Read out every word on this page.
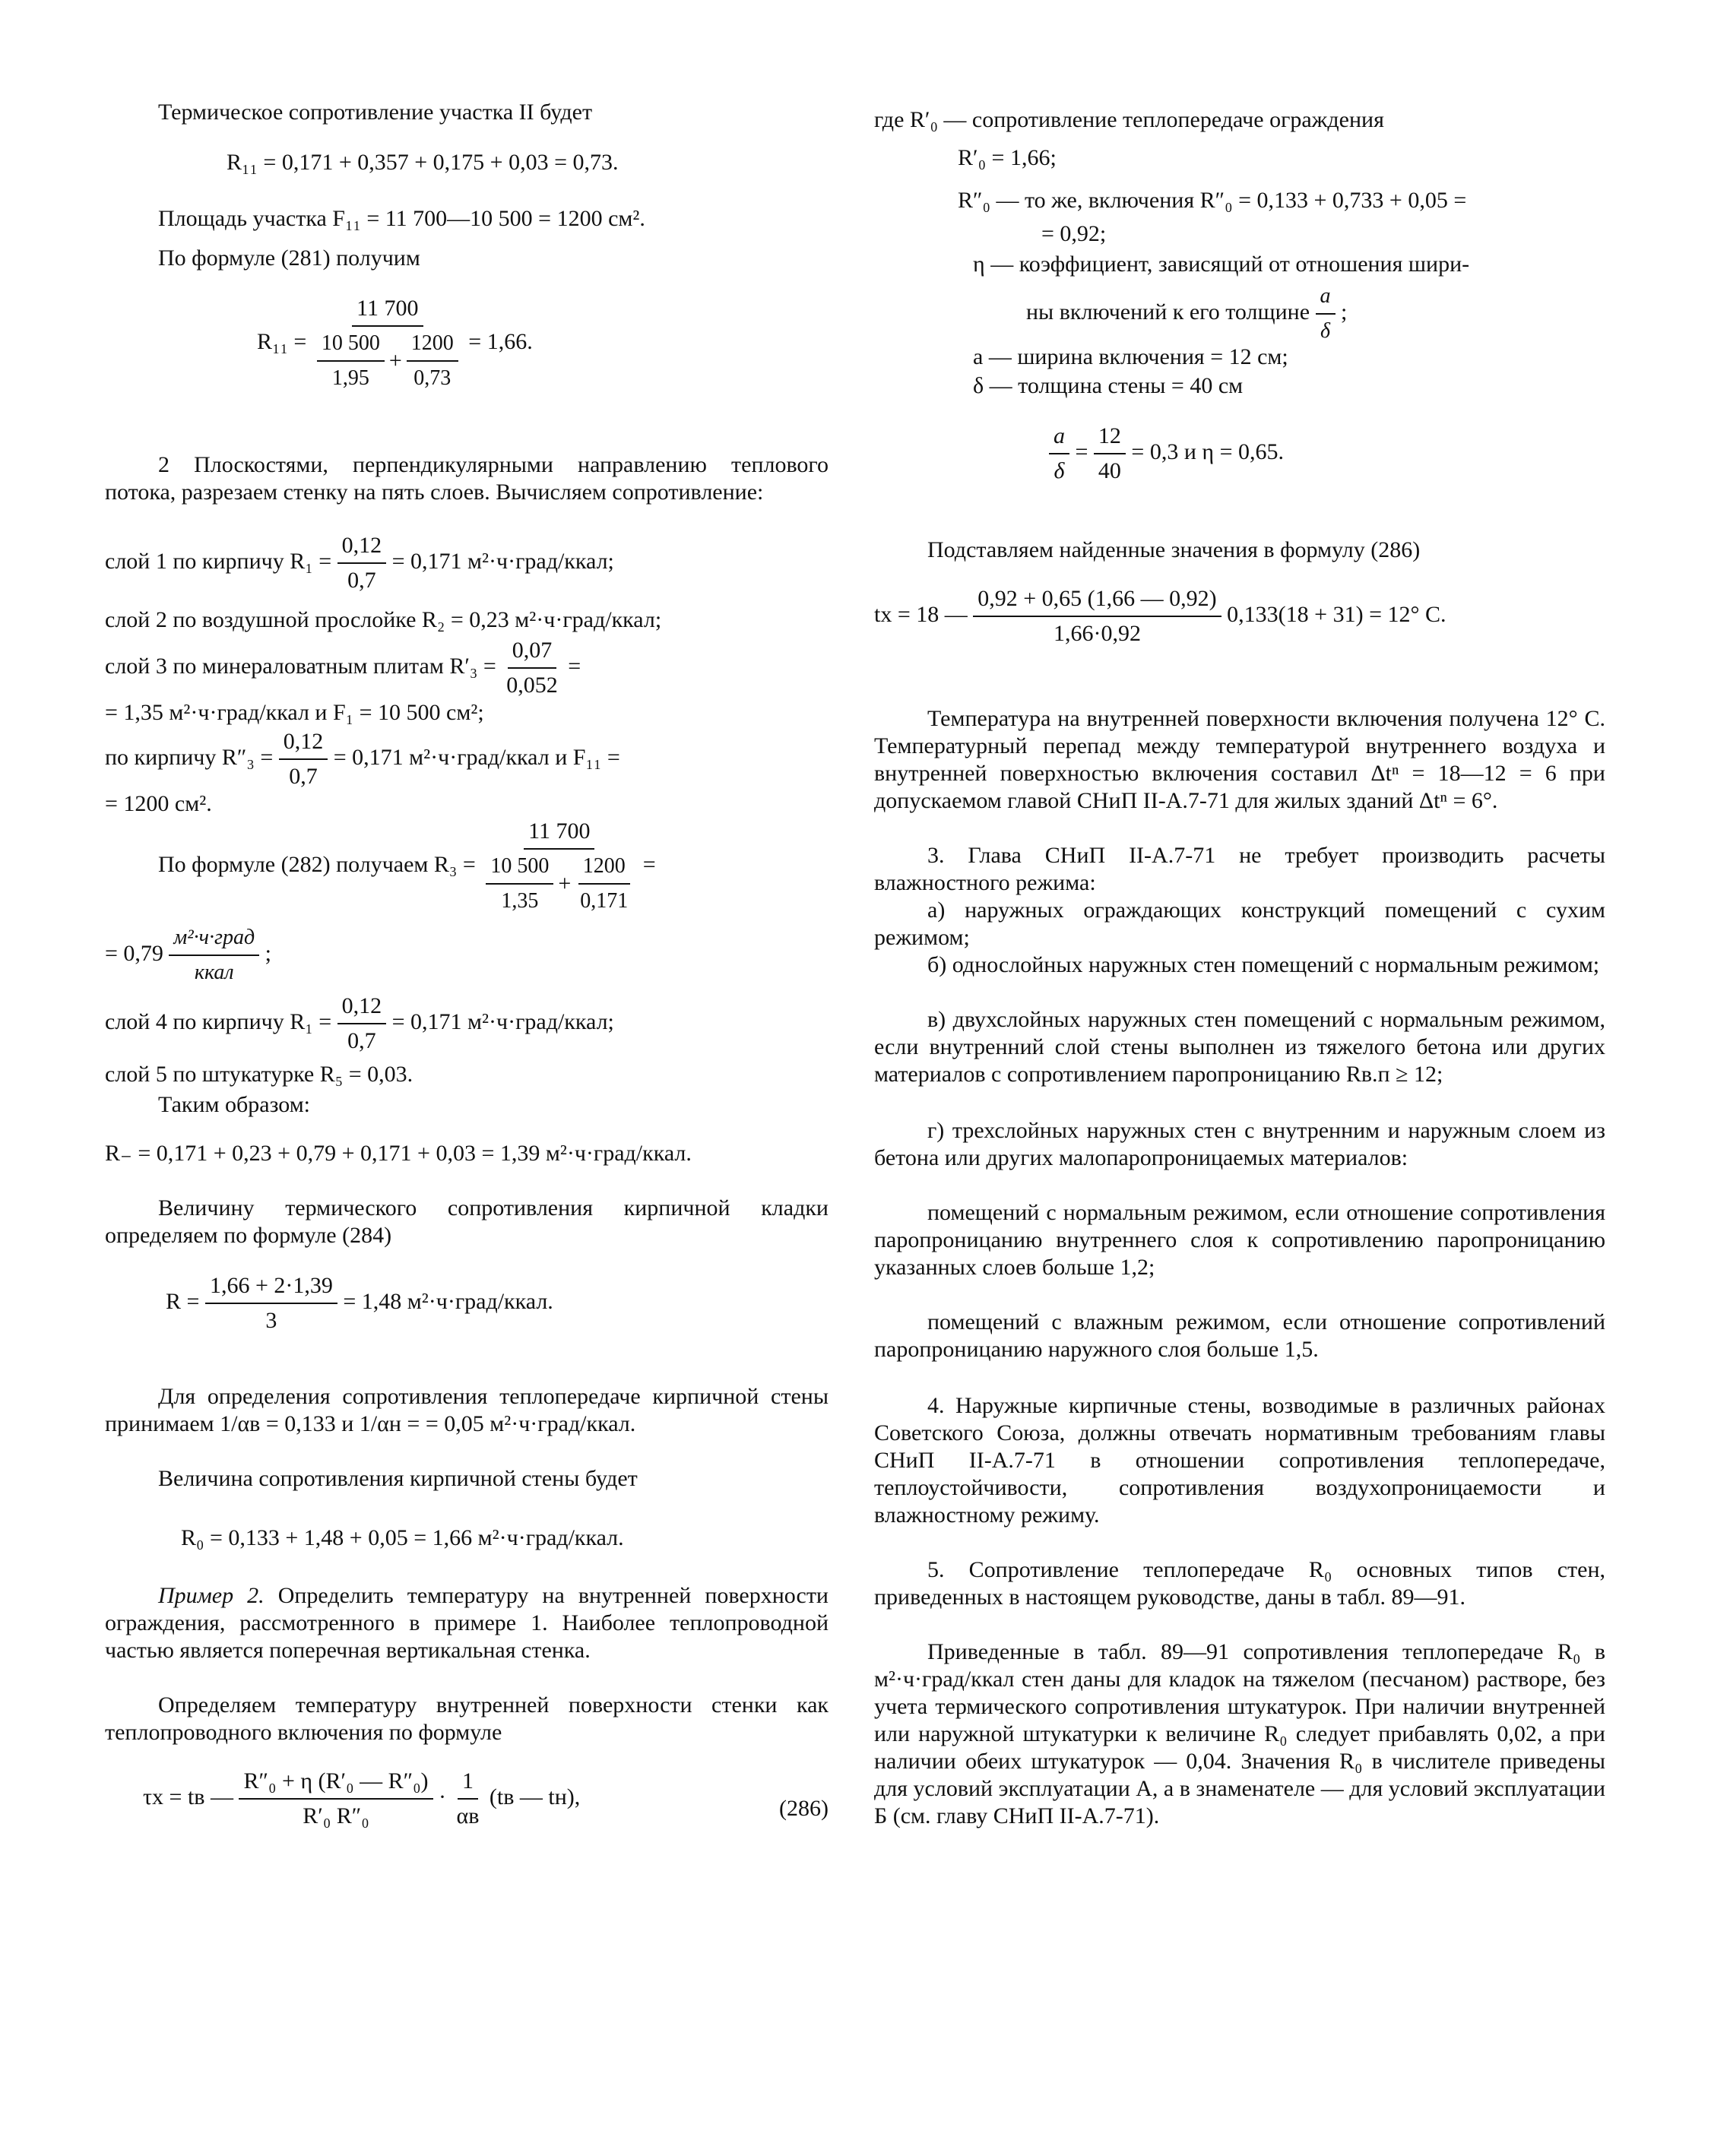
Термическое сопротивление участка II будет

R₁₁ = 0,171 + 0,357 + 0,175 + 0,03 = 0,73.

Площадь участка F₁₁ = 11 700—10 500 = 1200 см².

По формуле (281) получим

R₁₁ =
11 700
$\frac{10 500}{1,95} + \frac{1200}{0,73} = 1,66$.

2 Плоскостями, перпендикулярными направлению теплового потока, разрезаем стенку на пять слоев. Вычисляем сопротивление:

слой 1 по кирпичу $R_1 = \frac{0,12}{0,7} = 0,171$ м²·ч·град/ккал;

слой 2 по воздушной прослойке R₂ = 0,23 м²·ч·град/ккал;

слой 3 по минераловатным плитам $R'_3 = \frac{0,07}{0,052}$ =

= 1,35 м²·ч·град/ккал и F₁ = 10 500 см²;

по кирпичу $R''_3 = \frac{0,12}{0,7} = 0,171$ м²·ч·град/ккал и F₁₁ =

= 1200 см².

По формуле (282) получаем R₃ =
11 700
$\frac{10 500}{1,35} + \frac{1200}{0,171}$ =
= $0,79 \frac{\text{м²·ч·град}}{\text{ккал}}$ ;
слой 4 по кирпичу $R_1 = \frac{0,12}{0,7} = 0,171$ м²·ч·град/ккал;

слой 5 по штукатурке R₅ = 0,03.

Таким образом:

R₋ = 0,171 + 0,23 + 0,79 + 0,171 + 0,03 = 1,39 м²·ч·град/ккал.

Величину термического сопротивления кирпичной кладки определяем по формуле (284)

$R = \frac{1,66 + 2\cdot 1,39}{3} = 1,48$ м²·ч·град/ккал.

Для определения сопротивления теплопередаче кирпичной стены принимаем 1/αв = 0,133 и 1/αн = = 0,05 м²·ч·град/ккал.

Величина сопротивления кирпичной стены будет

R₀ = 0,133 + 1,48 + 0,05 = 1,66 м²·ч·град/ккал.

Пример 2. Определить температуру на внутренней поверхности ограждения, рассмотренного в примере 1. Наиболее теплопроводной частью является поперечная вертикальная стенка.

Определяем температуру внутренней поверхности стенки как теплопроводного включения по формуле

τx = tв — $\frac{\text{R″₀ + η (R′₀ — R″₀)}}{\text{R′₀ R″₀}} \cdot \frac{1}{\alpha в} (tв$ — tн),	(286)

где R′₀ — сопротивление теплопередаче ограждения

R′₀ = 1,66;

R″₀ — то же, включения R″₀ = 0,133 + 0,733 + 0,05 =

= 0,92;

η — коэффициент, зависящий от отношения шири-

ны включений к его толщине $\frac{a}{\delta}$ ;

a — ширина включения = 12 см;

δ — толщина стены = 40 см

$\frac{a}{\delta} = \frac{12}{40} = 0,3$ и η = 0,65.

Подставляем найденные значения в формулу (286)

tx = 18 — $\frac{0,92 + 0,65 (1,66 — 0,92)}{1,66\cdot 0,92} 0,133(18 + 31) = 12^\circ$ С.

Температура на внутренней поверхности включения получена 12° С. Температурный перепад между температурой внутреннего воздуха и внутренней поверхностью включения составил Δtⁿ = 18—12 = 6 при допускаемом главой СНиП II-А.7-71 для жилых зданий Δtⁿ = 6°.

3. Глава СНиП II-А.7-71 не требует производить расчеты влажностного режима:

а) наружных ограждающих конструкций помещений с сухим режимом;

б) однослойных наружных стен помещений с нормальным режимом;

в) двухслойных наружных стен помещений с нормальным режимом, если внутренний слой стены выполнен из тяжелого бетона или других материалов с сопротивлением паропроницанию Rв.п ≥ 12;

г) трехслойных наружных стен с внутренним и наружным слоем из бетона или других малопаропроницаемых материалов:

помещений с нормальным режимом, если отношение сопротивления паропроницанию внутреннего слоя к сопротивлению паропроницанию указанных слоев больше 1,2;

помещений с влажным режимом, если отношение сопротивлений паропроницанию наружного слоя больше 1,5.

4. Наружные кирпичные стены, возводимые в различных районах Советского Союза, должны отвечать нормативным требованиям главы СНиП II-А.7-71 в отношении сопротивления теплопередаче, теплоустойчивости, сопротивления воздухопроницаемости и влажностному режиму.

5. Сопротивление теплопередаче R₀ основных типов стен, приведенных в настоящем руководстве, даны в табл. 89—91.

Приведенные в табл. 89—91 сопротивления теплопередаче R₀ в м²·ч·град/ккал стен даны для кладок на тяжелом (песчаном) растворе, без учета термического сопротивления штукатурок. При наличии внутренней или наружной штукатурки к величине R₀ следует прибавлять 0,02, а при наличии обеих штукатурок — 0,04. Значения R₀ в числителе приведены для условий эксплуатации А, а в знаменателе — для условий эксплуатации Б (см. главу СНиП II-А.7-71).
